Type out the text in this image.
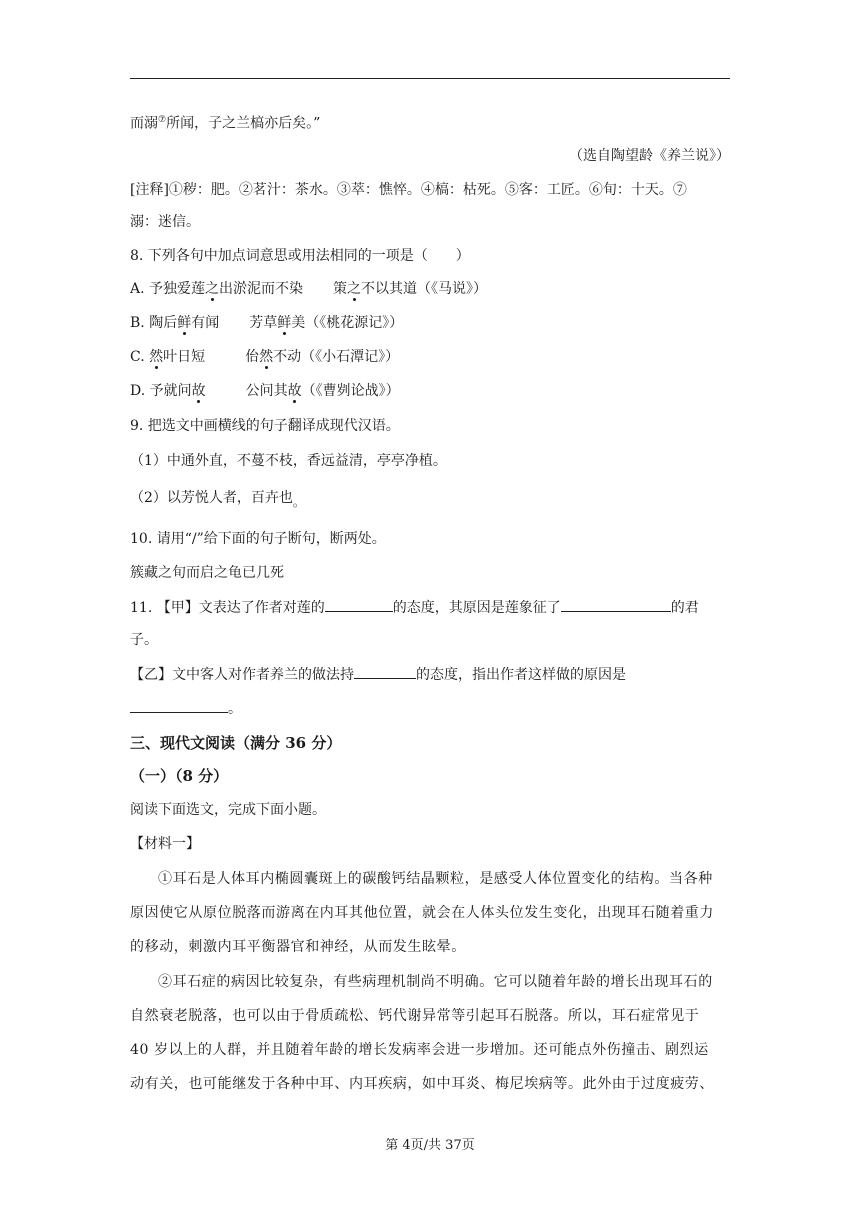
而溺⑦所闻，子之兰槁亦后矣。”
（选自陶望龄《养兰说》）
[注释]①秽：肥。②茗汁：茶水。③萃：憔悴。④槁：枯死。⑤客：工匠。⑥旬：十天。⑦
溺：迷信。
8. 下列各句中加点词意思或用法相同的一项是（　　）
A. 予独爱莲之出淤泥而不染 策之不以其道（《马说》）
B. 陶后鲜有闻 芳草鲜美（《桃花源记》）
C. 然叶日短	佁然不动（《小石潭记》）
D. 予就问故	公问其故（《曹刿论战》）
9. 把选文中画横线的句子翻译成现代汉语。
（1）中通外直，不蔓不枝，香远益清，亭亭净植。
（2）以芳悦人者，百卉也。
10. 请用“/”给下面的句子断句，断两处。
簇藏之旬而启之龟已几死
11. 【甲】文表达了作者对莲的	的态度，其原因是莲象征了	的君
子。
【乙】文中客人对作者养兰的做法持	的态度，指出作者这样做的原因是
。
三、现代文阅读（满分 36 分）
（一）（8 分）
阅读下面选文，完成下面小题。
【材料一】
①耳石是人体耳内椭圆囊斑上的碳酸钙结晶颗粒，是感受人体位置变化的结构。当各种
原因使它从原位脱落而游离在内耳其他位置，就会在人体头位发生变化，出现耳石随着重力
的移动，刺激内耳平衡器官和神经，从而发生眩晕。
②耳石症的病因比较复杂，有些病理机制尚不明确。它可以随着年龄的增长出现耳石的
自然衰老脱落，也可以由于骨质疏松、钙代谢异常等引起耳石脱落。所以，耳石症常见于
40 岁以上的人群，并且随着年龄的增长发病率会进一步增加。还可能点外伤撞击、剧烈运
动有关，也可能继发于各种中耳、内耳疾病，如中耳炎、梅尼埃病等。此外由于过度疲劳、
第 4页/共 37页
